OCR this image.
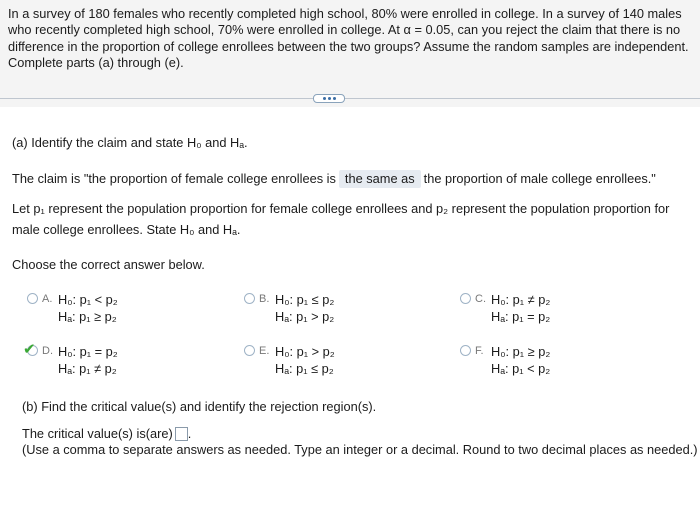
In a survey of 180 females who recently completed high school, 80% were enrolled in college. In a survey of 140 males who recently completed high school, 70% were enrolled in college. At α = 0.05, can you reject the claim that there is no difference in the proportion of college enrollees between the two groups? Assume the random samples are independent. Complete parts (a) through (e).
(a) Identify the claim and state H₀ and Hₐ.
The claim is "the proportion of female college enrollees is the same as the proportion of male college enrollees."
Let p₁ represent the population proportion for female college enrollees and p₂ represent the population proportion for
male college enrollees. State H₀ and Hₐ.
Choose the correct answer below.
A. H₀: p₁ < p₂
Hₐ: p₁ ≥ p₂
B. H₀: p₁ ≤ p₂
Hₐ: p₁ > p₂
C. H₀: p₁ ≠ p₂
Hₐ: p₁ = p₂
✔ D. H₀: p₁ = p₂
Hₐ: p₁ ≠ p₂
E. H₀: p₁ > p₂
Hₐ: p₁ ≤ p₂
F. H₀: p₁ ≥ p₂
Hₐ: p₁ < p₂
(b) Find the critical value(s) and identify the rejection region(s).
The critical value(s) is(are) .
(Use a comma to separate answers as needed. Type an integer or a decimal. Round to two decimal places as needed.)
